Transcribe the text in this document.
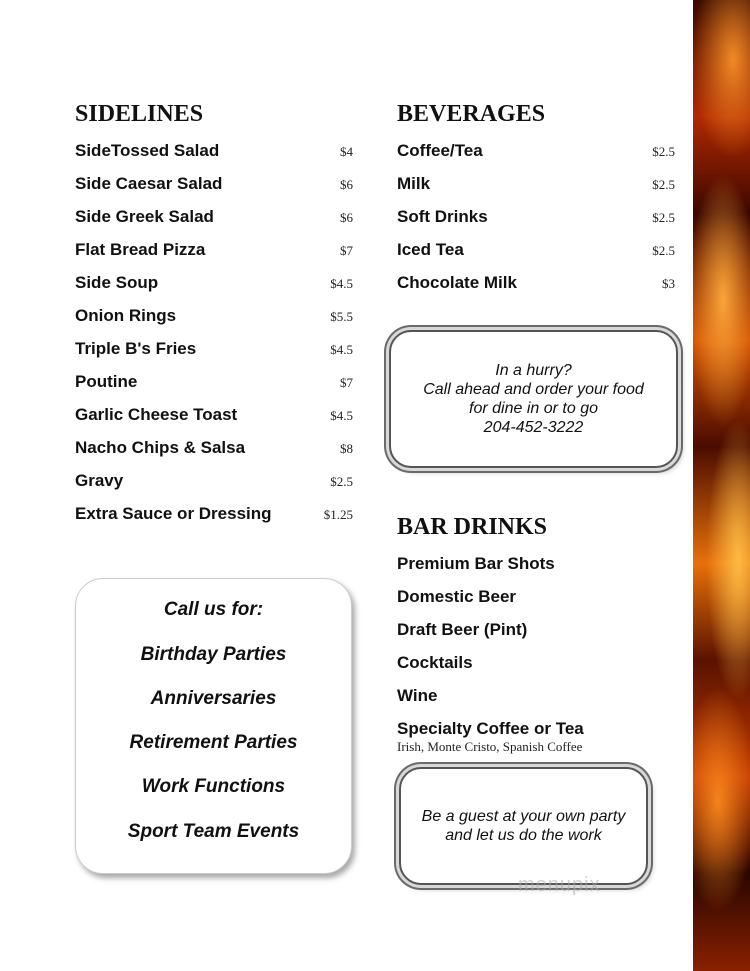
SIDELINES
SideTossed Salad	$4
Side Caesar Salad	$6
Side Greek Salad	$6
Flat Bread Pizza	$7
Side Soup	$4.5
Onion Rings	$5.5
Triple B's Fries	$4.5
Poutine	$7
Garlic Cheese Toast	$4.5
Nacho Chips & Salsa	$8
Gravy	$2.5
Extra Sauce or Dressing	$1.25
BEVERAGES
Coffee/Tea	$2.5
Milk	$2.5
Soft Drinks	$2.5
Iced Tea	$2.5
Chocolate Milk	$3
In a hurry?
Call ahead and order your food
for dine in or to go
204-452-3222
BAR DRINKS
Premium Bar Shots
Domestic Beer
Draft Beer (Pint)
Cocktails
Wine
Specialty Coffee or Tea
Irish, Monte Cristo, Spanish Coffee
Be a guest at your own party
and let us do the work
Call us for:
Birthday Parties
Anniversaries
Retirement Parties
Work Functions
Sport Team Events
menupix
